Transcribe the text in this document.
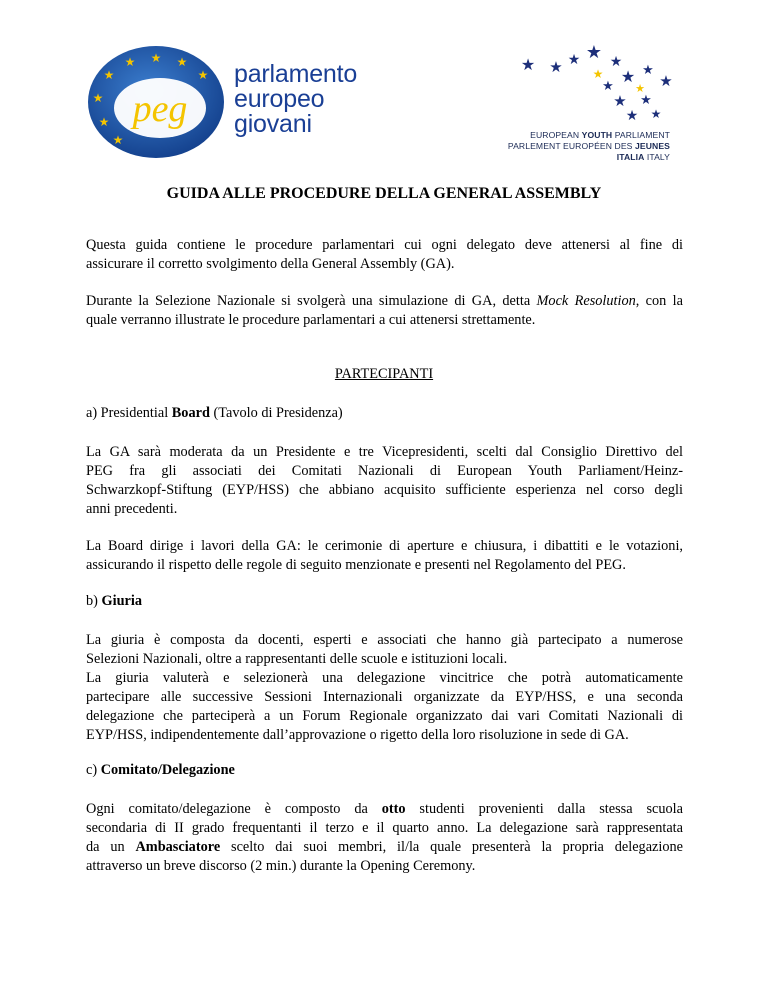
★ ★
★
★
★
★
★
★
peg
parlamento
europeo
giovani
★ ★ ★ ★ ★
★ ★
★
★
★ ★
★ ★
★
★
EUROPEAN YOUTH PARLIAMENT
PARLEMENT EUROPÉEN DES JEUNES
ITALIA ITALY
GUIDA ALLE PROCEDURE DELLA GENERAL ASSEMBLY
Questa guida contiene le procedure parlamentari cui ogni delegato deve attenersi al fine di
assicurare il corretto svolgimento della General Assembly (GA).
Durante la Selezione Nazionale si svolgerà una simulazione di GA, detta Mock Resolution, con la
quale verranno illustrate le procedure parlamentari a cui attenersi strettamente.
PARTECIPANTI
a) Presidential Board (Tavolo di Presidenza)
La GA sarà moderata da un Presidente e tre Vicepresidenti, scelti dal Consiglio Direttivo del
PEG fra gli associati dei Comitati Nazionali di European Youth Parliament/Heinz-
Schwarzkopf-Stiftung (EYP/HSS) che abbiano acquisito sufficiente esperienza nel corso degli
anni precedenti.
La Board dirige i lavori della GA: le cerimonie di aperture e chiusura, i dibattiti e le votazioni,
assicurando il rispetto delle regole di seguito menzionate e presenti nel Regolamento del PEG.
b) Giuria
La giuria è composta da docenti, esperti e associati che hanno già partecipato a numerose
Selezioni Nazionali, oltre a rappresentanti delle scuole e istituzioni locali.
La giuria valuterà e selezionerà una delegazione vincitrice che potrà automaticamente
partecipare alle successive Sessioni Internazionali organizzate da EYP/HSS, e una seconda
delegazione che parteciperà a un Forum Regionale organizzato dai vari Comitati Nazionali di
EYP/HSS, indipendentemente dall’approvazione o rigetto della loro risoluzione in sede di GA.
c) Comitato/Delegazione
Ogni comitato/delegazione è composto da otto studenti provenienti dalla stessa scuola
secondaria di II grado frequentanti il terzo e il quarto anno. La delegazione sarà rappresentata
da un Ambasciatore scelto dai suoi membri, il/la quale presenterà la propria delegazione
attraverso un breve discorso (2 min.) durante la Opening Ceremony.
